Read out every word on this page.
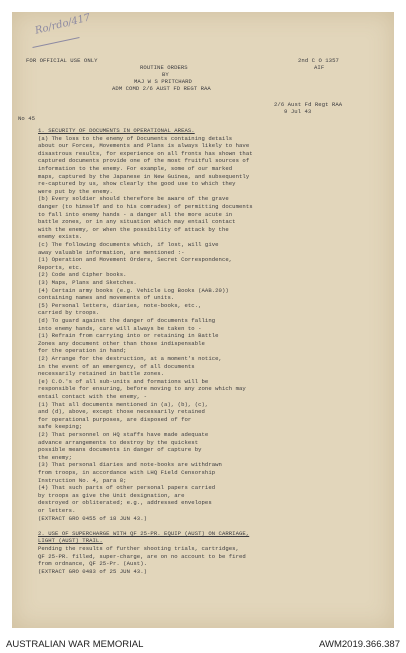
Ro/rdo/417
FOR OFFICIAL USE ONLY	2nd C O 1357
AIF
ROUTINE ORDERS
BY
MAJ W S PRITCHARD
ADM COMD 2/6 AUST FD REGT RAA
2/6 Aust Fd Regt RAA
9 Jul 43
No 45
1. SECURITY OF DOCUMENTS IN OPERATIONAL AREAS.
(a) The loss to the enemy of Documents containing details
about our Forces, Movements and Plans is always likely to have
disastrous results, for experience on all fronts has shown that
captured documents provide one of the most fruitful sources of
information to the enemy. For example, some of our marked
maps, captured by the Japanese in New Guinea, and subsequently
re-captured by us, show clearly the good use to which they
were put by the enemy.
(b) Every soldier should therefore be aware of the grave
danger (to himself and to his comrades) of permitting documents
to fall into enemy hands - a danger all the more acute in
battle zones, or in any situation which may entail contact
with the enemy, or when the possibility of attack by the
enemy exists.
(c) The following documents which, if lost, will give
away valuable information, are mentioned :-
(1) Operation and Movement Orders, Secret Correspondence,
Reports, etc.
(2) Code and Cipher books.
(3) Maps, Plans and Sketches.
(4) Certain army books (e.g. Vehicle Log Books (AAB.20))
containing names and movements of units.
(5) Personal letters, diaries, note-books, etc.,
carried by troops.
(d) To guard against the danger of documents falling
into enemy hands, care will always be taken to -
(1) Refrain from carrying into or retaining in Battle
Zones any document other than those indispensable
for the operation in hand;
(2) Arrange for the destruction, at a moment's notice,
in the event of an emergency, of all documents
necessarily retained in battle zones.
(e) C.O.'s of all sub-units and formations will be
responsible for ensuring, before moving to any zone which may
entail contact with the enemy, -
(1) That all documents mentioned in (a), (b), (c),
and (d), above, except those necessarily retained
for operational purposes, are disposed of for
safe keeping;
(2) That personnel on HQ staffs have made adequate
advance arrangements to destroy by the quickest
possible means documents in danger of capture by
the enemy;
(3) That personal diaries and note-books are withdrawn
from troops, in accordance with LHQ Field Censorship
Instruction No. 4, para 8;
(4) That such parts of other personal papers carried
by troops as give the Unit designation, are
destroyed or obliterated; e.g., addressed envelopes
or letters.
(EXTRACT GRO 0455 of 18 JUN 43.)
2. USE OF SUPERCHARGE WITH QF 25-PR. EQUIP (AUST) ON CARRIAGE,
LIGHT (AUST) TRAIL.
Pending the results of further shooting trials, cartridges,
QF 25-PR. filled, super-charge, are on no account to be fired
from ordnance, QF 25-Pr. (Aust).
(EXTRACT GRO 0483 of 25 JUN 43.)
AUSTRALIAN WAR MEMORIAL	AWM2019.366.387
